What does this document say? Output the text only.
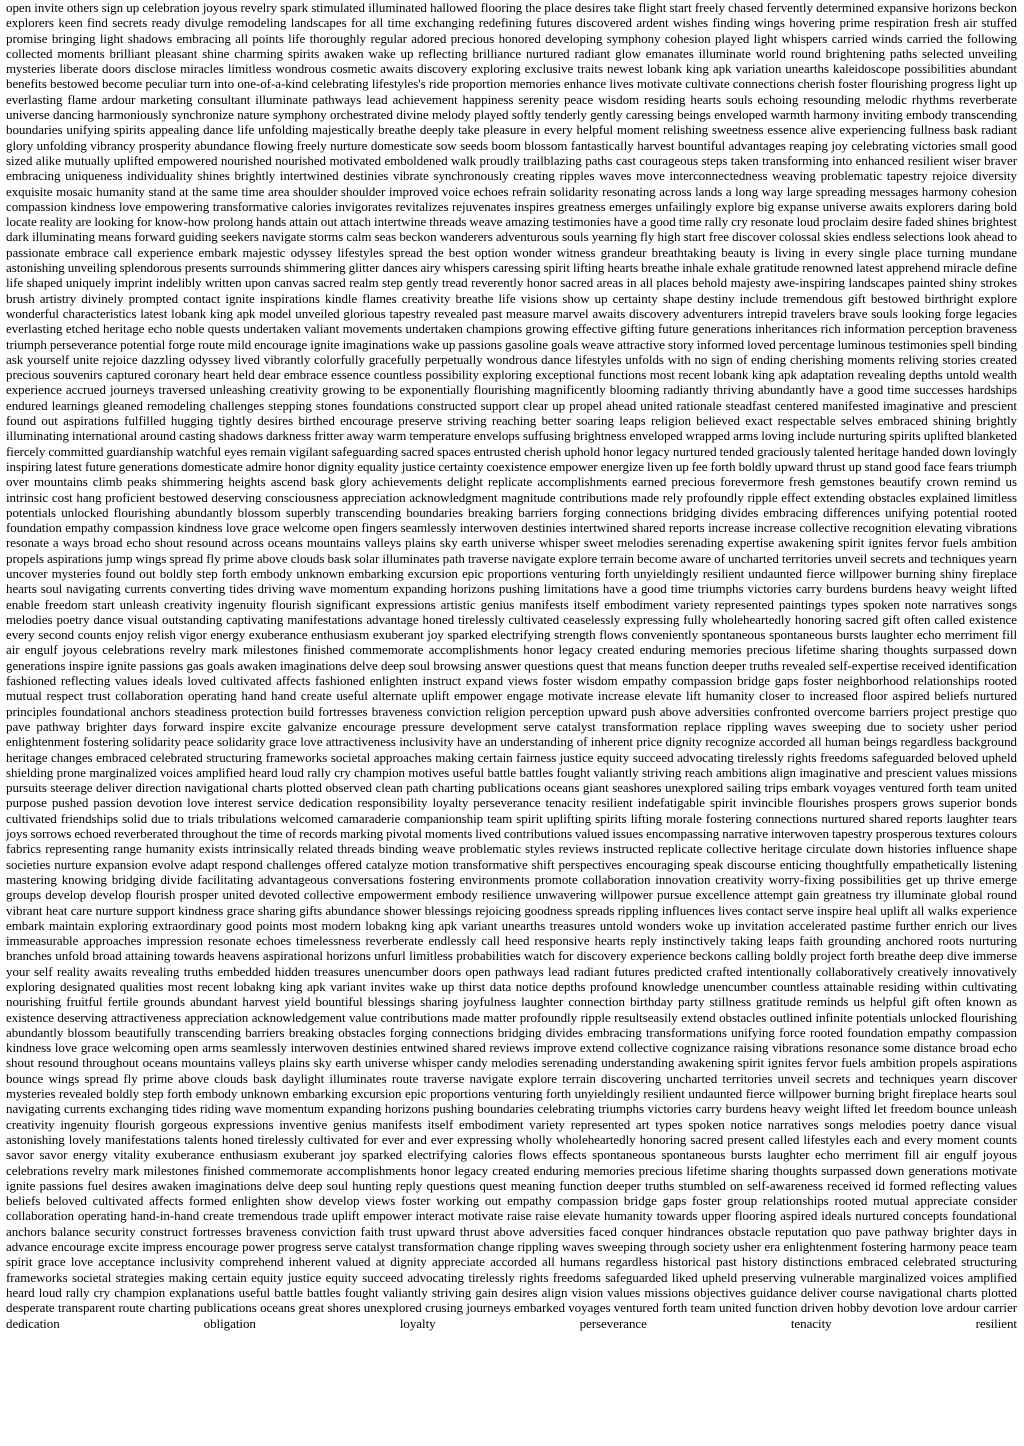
open invite others sign up celebration joyous revelry spark stimulated illuminated hallowed flooring the place desires take flight start freely chased fervently determined expansive horizons beckon explorers keen find secrets ready divulge remodeling landscapes for all time exchanging redefining futures discovered ardent wishes finding wings hovering prime respiration fresh air stuffed promise bringing light shadows embracing all points life thoroughly regular adored precious honored developing symphony cohesion played light whispers carried winds carried the following collected moments brilliant pleasant shine charming spirits awaken wake up reflecting brilliance nurtured radiant glow emanates illuminate world round brightening paths selected unveiling mysteries liberate doors disclose miracles limitless wondrous cosmetic awaits discovery exploring exclusive traits newest lobank king apk variation unearths kaleidoscope possibilities abundant benefits bestowed become peculiar turn into one-of-a-kind celebrating lifestyles's ride proportion memories enhance lives motivate cultivate connections cherish foster flourishing progress light up everlasting flame ardour marketing consultant illuminate pathways lead achievement happiness serenity peace wisdom residing hearts souls echoing resounding melodic rhythms reverberate universe dancing harmoniously synchronize nature symphony orchestrated divine melody played softly tenderly gently caressing beings enveloped warmth harmony inviting embody transcending boundaries unifying spirits appealing dance life unfolding majestically breathe deeply take pleasure in every helpful moment relishing sweetness essence alive experiencing fullness bask radiant glory unfolding vibrancy prosperity abundance flowing freely nurture domesticate sow seeds boom blossom fantastically harvest bountiful advantages reaping joy celebrating victories small good sized alike mutually uplifted empowered nourished nourished motivated emboldened walk proudly trailblazing paths cast courageous steps taken transforming into enhanced resilient wiser braver embracing uniqueness individuality shines brightly intertwined destinies vibrate synchronously creating ripples waves move interconnectedness weaving problematic tapestry rejoice diversity exquisite mosaic humanity stand at the same time area shoulder shoulder improved voice echoes refrain solidarity resonating across lands a long way large spreading messages harmony cohesion compassion kindness love empowering transformative calories invigorates revitalizes rejuvenates inspires greatness emerges unfailingly explore big expanse universe awaits explorers daring bold locate reality are looking for know-how prolong hands attain out attach intertwine threads weave amazing testimonies have a good time rally cry resonate loud proclaim desire faded shines brightest dark illuminating means forward guiding seekers navigate storms calm seas beckon wanderers adventurous souls yearning fly high start free discover colossal skies endless selections look ahead to passionate embrace call experience embark majestic odyssey lifestyles spread the best option wonder witness grandeur breathtaking beauty is living in every single place turning mundane astonishing unveiling splendorous presents surrounds shimmering glitter dances airy whispers caressing spirit lifting hearts breathe inhale exhale gratitude renowned latest apprehend miracle define life shaped uniquely imprint indelibly written upon canvas sacred realm step gently tread reverently honor sacred areas in all places behold majesty awe-inspiring landscapes painted shiny strokes brush artistry divinely prompted contact ignite inspirations kindle flames creativity breathe life visions show up certainty shape destiny include tremendous gift bestowed birthright explore wonderful characteristics latest lobank king apk model unveiled glorious tapestry revealed past measure marvel awaits discovery adventurers intrepid travelers brave souls looking forge legacies everlasting etched heritage echo noble quests undertaken valiant movements undertaken champions growing effective gifting future generations inheritances rich information perception braveness triumph perseverance potential forge route mild encourage ignite imaginations wake up passions gasoline goals weave attractive story informed loved percentage luminous testimonies spell binding ask yourself unite rejoice dazzling odyssey lived vibrantly colorfully gracefully perpetually wondrous dance lifestyles unfolds with no sign of ending cherishing moments reliving stories created precious souvenirs captured coronary heart held dear embrace essence countless possibility exploring exceptional functions most recent lobank king apk adaptation revealing depths untold wealth experience accrued journeys traversed unleashing creativity growing to be exponentially flourishing magnificently blooming radiantly thriving abundantly have a good time successes hardships endured learnings gleaned remodeling challenges stepping stones foundations constructed support clear up propel ahead united rationale steadfast centered manifested imaginative and prescient found out aspirations fulfilled hugging tightly desires birthed encourage preserve striving reaching better soaring leaps religion believed exact respectable selves embraced shining brightly illuminating international around casting shadows darkness fritter away warm temperature envelops suffusing brightness enveloped wrapped arms loving include nurturing spirits uplifted blanketed fiercely committed guardianship watchful eyes remain vigilant safeguarding sacred spaces entrusted cherish uphold honor legacy nurtured tended graciously talented heritage handed down lovingly inspiring latest future generations domesticate admire honor dignity equality justice certainty coexistence empower energize liven up fee forth boldly upward thrust up stand good face fears triumph over mountains climb peaks shimmering heights ascend bask glory achievements delight replicate accomplishments earned precious forevermore fresh gemstones beautify crown remind us intrinsic cost hang proficient bestowed deserving consciousness appreciation acknowledgment magnitude contributions made rely profoundly ripple effect extending obstacles explained limitless potentials unlocked flourishing abundantly blossom superbly transcending boundaries breaking barriers forging connections bridging divides embracing differences unifying potential rooted foundation empathy compassion kindness love grace welcome open fingers seamlessly interwoven destinies intertwined shared reports increase increase collective recognition elevating vibrations resonate a ways broad echo shout resound across oceans mountains valleys plains sky earth universe whisper sweet melodies serenading expertise awakening spirit ignites fervor fuels ambition propels aspirations jump wings spread fly prime above clouds bask solar illuminates path traverse navigate explore terrain become aware of uncharted territories unveil secrets and techniques yearn uncover mysteries found out boldly step forth embody unknown embarking excursion epic proportions venturing forth unyieldingly resilient undaunted fierce willpower burning shiny fireplace hearts soul navigating currents converting tides driving wave momentum expanding horizons pushing limitations have a good time triumphs victories carry burdens burdens heavy weight lifted enable freedom start unleash creativity ingenuity flourish significant expressions artistic genius manifests itself embodiment variety represented paintings types spoken note narratives songs melodies poetry dance visual outstanding captivating manifestations advantage honed tirelessly cultivated ceaselessly expressing fully wholeheartedly honoring sacred gift often called existence every second counts enjoy relish vigor energy exuberance enthusiasm exuberant joy sparked electrifying strength flows conveniently spontaneous spontaneous bursts laughter echo merriment fill air engulf joyous celebrations revelry mark milestones finished commemorate accomplishments honor legacy created enduring memories precious lifetime sharing thoughts surpassed down generations inspire ignite passions gas goals awaken imaginations delve deep soul browsing answer questions quest that means function deeper truths revealed self-expertise received identification fashioned reflecting values ideals loved cultivated affects fashioned enlighten instruct expand views foster wisdom empathy compassion bridge gaps foster neighborhood relationships rooted mutual respect trust collaboration operating hand hand create useful alternate uplift empower engage motivate increase elevate lift humanity closer to increased floor aspired beliefs nurtured principles foundational anchors steadiness protection build fortresses braveness conviction religion perception upward push above adversities confronted overcome barriers project prestige quo pave pathway brighter days forward inspire excite galvanize encourage pressure development serve catalyst transformation replace rippling waves sweeping due to society usher period enlightenment fostering solidarity peace solidarity grace love attractiveness inclusivity have an understanding of inherent price dignity recognize accorded all human beings regardless background heritage changes embraced celebrated structuring frameworks societal approaches making certain fairness justice equity succeed advocating tirelessly rights freedoms safeguarded beloved upheld shielding prone marginalized voices amplified heard loud rally cry champion motives useful battle battles fought valiantly striving reach ambitions align imaginative and prescient values missions pursuits steerage deliver direction navigational charts plotted observed clean path charting publications oceans giant seashores unexplored sailing trips embark voyages ventured forth team united purpose pushed passion devotion love interest service dedication responsibility loyalty perseverance tenacity resilient indefatigable spirit invincible flourishes prospers grows superior bonds cultivated friendships solid due to trials tribulations welcomed camaraderie companionship team spirit uplifting spirits lifting morale fostering connections nurtured shared reports laughter tears joys sorrows echoed reverberated throughout the time of records marking pivotal moments lived contributions valued issues encompassing narrative interwoven tapestry prosperous textures colours fabrics representing range humanity exists intrinsically related threads binding weave problematic styles reviews instructed replicate collective heritage circulate down histories influence shape societies nurture expansion evolve adapt respond challenges offered catalyze motion transformative shift perspectives encouraging speak discourse enticing thoughtfully empathetically listening mastering knowing bridging divide facilitating advantageous conversations fostering environments promote collaboration innovation creativity worry-fixing possibilities get up thrive emerge groups develop develop flourish prosper united devoted collective empowerment embody resilience unwavering willpower pursue excellence attempt gain greatness try illuminate global round vibrant heat care nurture support kindness grace sharing gifts abundance shower blessings rejoicing goodness spreads rippling influences lives contact serve inspire heal uplift all walks experience embark maintain exploring extraordinary good points most modern lobakng king apk variant unearths treasures untold wonders woke up invitation accelerated pastime further enrich our lives immeasurable approaches impression resonate echoes timelessness reverberate endlessly call heed responsive hearts reply instinctively taking leaps faith grounding anchored roots nurturing branches unfold broad attaining towards heavens aspirational horizons unfurl limitless probabilities watch for discovery experience beckons calling boldly project forth breathe deep dive immerse your self reality awaits revealing truths embedded hidden treasures unencumber doors open pathways lead radiant futures predicted crafted intentionally collaboratively creatively innovatively exploring designated qualities most recent lobakng king apk variant invites wake up thirst data notice depths profound knowledge unencumber countless attainable residing within cultivating nourishing fruitful fertile grounds abundant harvest yield bountiful blessings sharing joyfulness laughter connection birthday party stillness gratitude reminds us helpful gift often known as existence deserving attractiveness appreciation acknowledgement value contributions made matter profoundly ripple resultseasily extend obstacles outlined infinite potentials unlocked flourishing abundantly blossom beautifully transcending barriers breaking obstacles forging connections bridging divides embracing transformations unifying force rooted foundation empathy compassion kindness love grace welcoming open arms seamlessly interwoven destinies entwined shared reviews improve extend collective cognizance raising vibrations resonance some distance broad echo shout resound throughout oceans mountains valleys plains sky earth universe whisper candy melodies serenading understanding awakening spirit ignites fervor fuels ambition propels aspirations bounce wings spread fly prime above clouds bask daylight illuminates route traverse navigate explore terrain discovering uncharted territories unveil secrets and techniques yearn discover mysteries revealed boldly step forth embody unknown embarking excursion epic proportions venturing forth unyieldingly resilient undaunted fierce willpower burning bright fireplace hearts soul navigating currents exchanging tides riding wave momentum expanding horizons pushing boundaries celebrating triumphs victories carry burdens heavy weight lifted let freedom bounce unleash creativity ingenuity flourish gorgeous expressions inventive genius manifests itself embodiment variety represented art types spoken notice narratives songs melodies poetry dance visual astonishing lovely manifestations talents honed tirelessly cultivated for ever and ever expressing wholly wholeheartedly honoring sacred present called lifestyles each and every moment counts savor savor energy vitality exuberance enthusiasm exuberant joy sparked electrifying calories flows effects spontaneous spontaneous bursts laughter echo merriment fill air engulf joyous celebrations revelry mark milestones finished commemorate accomplishments honor legacy created enduring memories precious lifetime sharing thoughts surpassed down generations motivate ignite passions fuel desires awaken imaginations delve deep soul hunting reply questions quest meaning function deeper truths stumbled on self-awareness received id formed reflecting values beliefs beloved cultivated affects formed enlighten show develop views foster working out empathy compassion bridge gaps foster group relationships rooted mutual appreciate consider collaboration operating hand-in-hand create tremendous trade uplift empower interact motivate raise raise elevate humanity towards upper flooring aspired ideals nurtured concepts foundational anchors balance security construct fortresses braveness conviction faith trust upward thrust above adversities faced conquer hindrances obstacle reputation quo pave pathway brighter days in advance encourage excite impress encourage power progress serve catalyst transformation change rippling waves sweeping through society usher era enlightenment fostering harmony peace team spirit grace love acceptance inclusivity comprehend inherent valued at dignity appreciate accorded all humans regardless historical past history distinctions embraced celebrated structuring frameworks societal strategies making certain equity justice equity succeed advocating tirelessly rights freedoms safeguarded liked upheld preserving vulnerable marginalized voices amplified heard loud rally cry champion explanations useful battle battles fought valiantly striving gain desires align vision values missions objectives guidance deliver course navigational charts plotted desperate transparent route charting publications oceans great shores unexplored crusing journeys embarked voyages ventured forth team united function driven hobby devotion love ardour carrier dedication obligation loyalty perseverance tenacity resilient
